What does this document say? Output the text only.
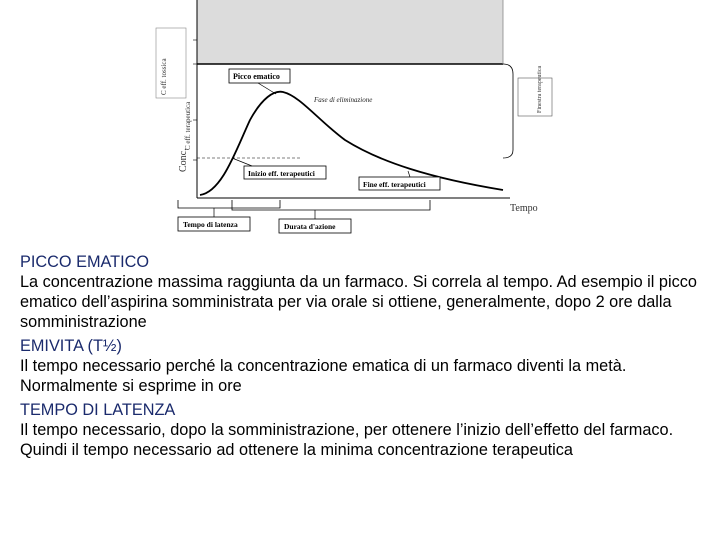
C eff. tossica
C eff. terapeutica
Conc.
Picco ematico
Fase di eliminazione
Inizio eff. terapeutici
Fine eff. terapeutici
Finestra terapeutica
Tempo
Tempo di latenza	Durata d'azione
PICCO EMATICO
La concentrazione massima raggiunta da un farmaco. Si correla al tempo. Ad esempio il picco ematico dell’aspirina somministrata per via orale si ottiene, generalmente, dopo 2 ore dalla somministrazione
EMIVITA (T½)
Il tempo necessario perché la concentrazione ematica di un farmaco diventi la metà. Normalmente si esprime in ore
TEMPO DI LATENZA
Il tempo necessario, dopo la somministrazione, per ottenere l’inizio dell’effetto del farmaco. Quindi il tempo necessario ad ottenere la minima concentrazione terapeutica
